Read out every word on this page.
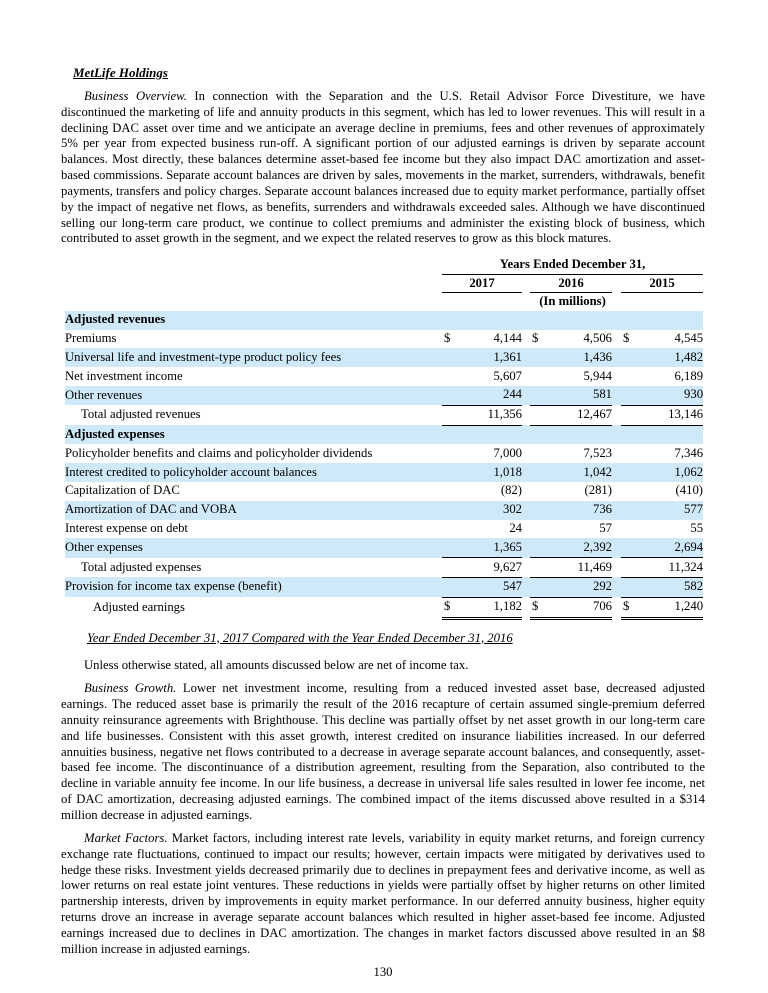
MetLife Holdings

Business Overview. In connection with the Separation and the U.S. Retail Advisor Force Divestiture, we have discontinued the marketing of life and annuity products in this segment, which has led to lower revenues. This will result in a declining DAC asset over time and we anticipate an average decline in premiums, fees and other revenues of approximately 5% per year from expected business run-off. A significant portion of our adjusted earnings is driven by separate account balances. Most directly, these balances determine asset-based fee income but they also impact DAC amortization and asset-based commissions. Separate account balances are driven by sales, movements in the market, surrenders, withdrawals, benefit payments, transfers and policy charges. Separate account balances increased due to equity market performance, partially offset by the impact of negative net flows, as benefits, surrenders and withdrawals exceeded sales. Although we have discontinued selling our long-term care product, we continue to collect premiums and administer the existing block of business, which contributed to asset growth in the segment, and we expect the related reserves to grow as this block matures.

	Years Ended December 31,				
	2017		2016		2015
	(In millions)				
Adjusted revenues					
Premiums	$ 4,144		$ 4,506		$ 4,545
Universal life and investment-type product policy fees	1,361		1,436		1,482
Net investment income	5,607		5,944		6,189
Other revenues	244		581		930
Total adjusted revenues	11,356		12,467		13,146
Adjusted expenses					
Policyholder benefits and claims and policyholder dividends	7,000		7,523		7,346
Interest credited to policyholder account balances	1,018		1,042		1,062
Capitalization of DAC	(82)		(281)		(410)
Amortization of DAC and VOBA	302		736		577
Interest expense on debt	24		57		55
Other expenses	1,365		2,392		2,694
Total adjusted expenses	9,627		11,469		11,324
Provision for income tax expense (benefit)	547		292		582
Adjusted earnings	$ 1,182		$ 706		$ 1,240

Year Ended December 31, 2017 Compared with the Year Ended December 31, 2016

Unless otherwise stated, all amounts discussed below are net of income tax.

Business Growth. Lower net investment income, resulting from a reduced invested asset base, decreased adjusted earnings. The reduced asset base is primarily the result of the 2016 recapture of certain assumed single-premium deferred annuity reinsurance agreements with Brighthouse. This decline was partially offset by net asset growth in our long-term care and life businesses. Consistent with this asset growth, interest credited on insurance liabilities increased. In our deferred annuities business, negative net flows contributed to a decrease in average separate account balances, and consequently, asset-based fee income. The discontinuance of a distribution agreement, resulting from the Separation, also contributed to the decline in variable annuity fee income. In our life business, a decrease in universal life sales resulted in lower fee income, net of DAC amortization, decreasing adjusted earnings. The combined impact of the items discussed above resulted in a $314 million decrease in adjusted earnings.

Market Factors. Market factors, including interest rate levels, variability in equity market returns, and foreign currency exchange rate fluctuations, continued to impact our results; however, certain impacts were mitigated by derivatives used to hedge these risks. Investment yields decreased primarily due to declines in prepayment fees and derivative income, as well as lower returns on real estate joint ventures. These reductions in yields were partially offset by higher returns on other limited partnership interests, driven by improvements in equity market performance. In our deferred annuity business, higher equity returns drove an increase in average separate account balances which resulted in higher asset-based fee income. Adjusted earnings increased due to declines in DAC amortization. The changes in market factors discussed above resulted in an $8 million increase in adjusted earnings.

130
